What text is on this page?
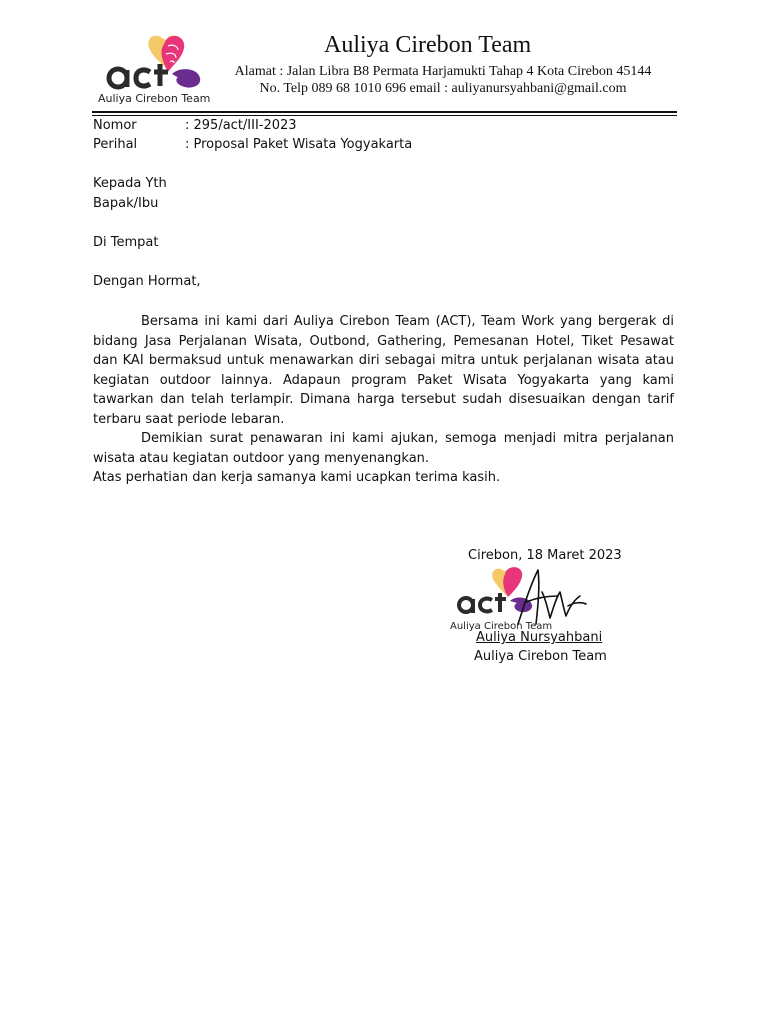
Auliya Cirebon Team
Auliya Cirebon Team
Alamat : Jalan Libra B8 Permata Harjamukti Tahap 4 Kota Cirebon 45144
No. Telp 089 68 1010 696 email : auliyanursyahbani@gmail.com
Nomor	: 295/act/III-2023
Perihal	: Proposal Paket Wisata Yogyakarta
Kepada Yth
Bapak/Ibu
Di Tempat
Dengan Hormat,
Bersama ini kami dari Auliya Cirebon Team (ACT), Team Work yang bergerak di bidang Jasa Perjalanan Wisata, Outbond, Gathering, Pemesanan Hotel, Tiket Pesawat dan KAI bermaksud untuk menawarkan diri sebagai mitra untuk perjalanan wisata atau kegiatan outdoor lainnya. Adapaun program Paket Wisata Yogyakarta yang kami tawarkan dan telah terlampir. Dimana harga tersebut sudah disesuaikan dengan tarif terbaru saat periode lebaran.
Demikian surat penawaran ini kami ajukan, semoga menjadi mitra perjalanan wisata atau kegiatan outdoor yang menyenangkan.
Atas perhatian dan kerja samanya kami ucapkan terima kasih.
Cirebon, 18 Maret 2023
Auliya Cirebon Team
Auliya Nursyahbani
Auliya Cirebon Team
